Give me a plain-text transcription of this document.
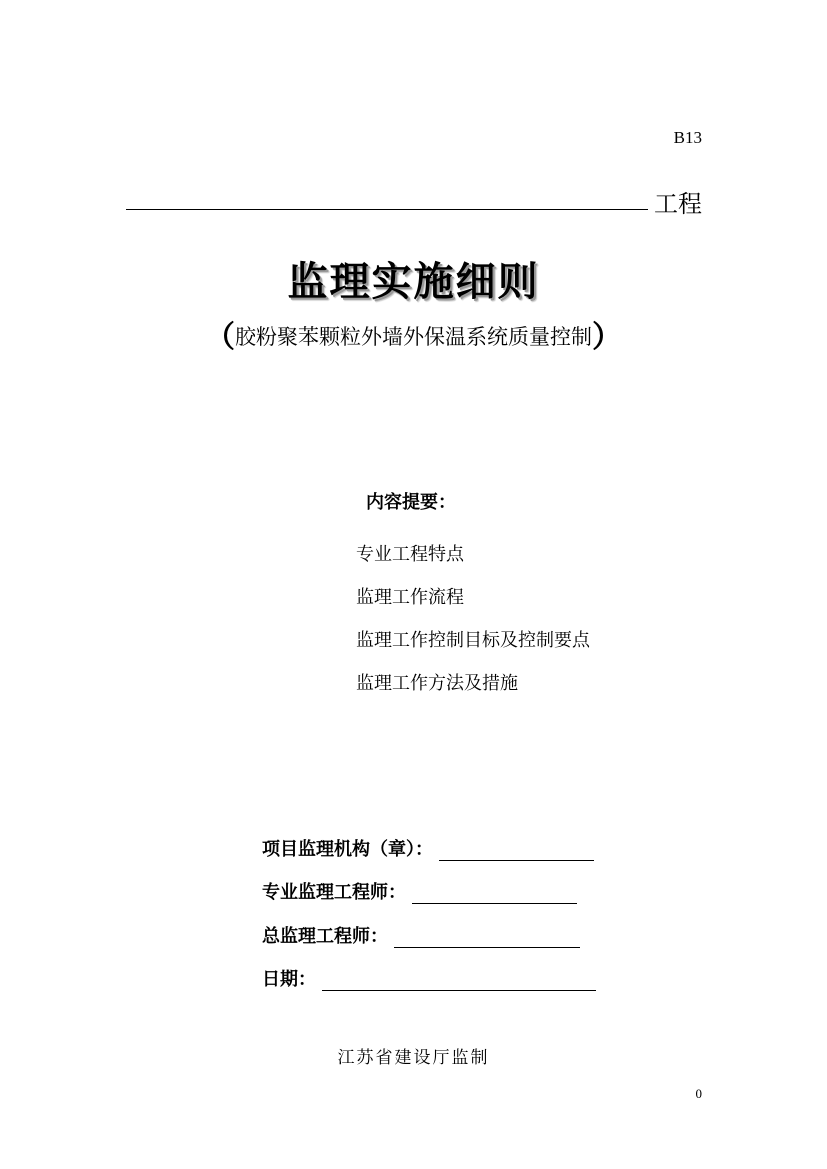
B13
工程
监理实施细则
（胶粉聚苯颗粒外墙外保温系统质量控制）
内容提要：
专业工程特点
监理工作流程
监理工作控制目标及控制要点
监理工作方法及措施
项目监理机构（章）：
专业监理工程师：
总监理工程师：
日期：
江苏省建设厅监制
0
